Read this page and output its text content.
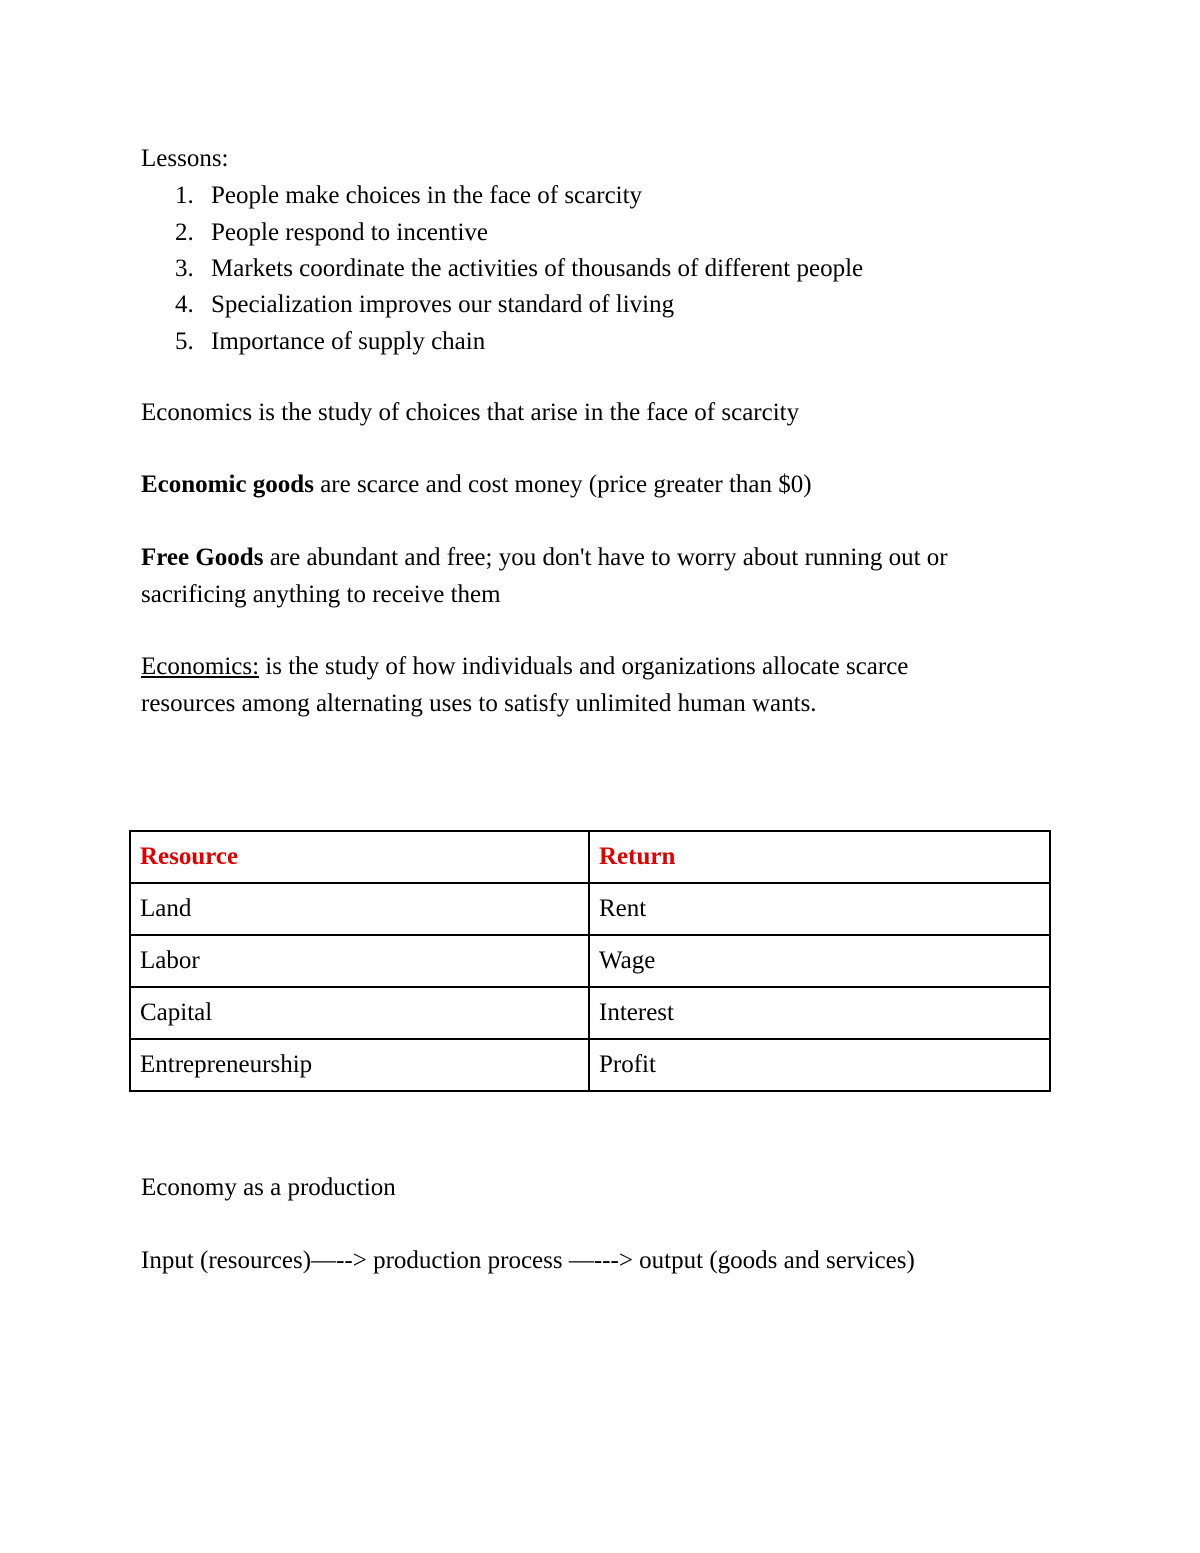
Lessons:
1. People make choices in the face of scarcity
2. People respond to incentive
3. Markets coordinate the activities of thousands of different people
4. Specialization improves our standard of living
5. Importance of supply chain
Economics is the study of choices that arise in the face of scarcity
Economic goods are scarce and cost money (price greater than $0)
Free Goods are abundant and free; you don't have to worry about running out or
sacrificing anything to receive them
Economics: is the study of how individuals and organizations allocate scarce
resources among alternating uses to satisfy unlimited human wants.
Resource	Return
Land	Rent
Labor	Wage
Capital	Interest
Entrepreneurship	Profit
Economy as a production
Input (resources)—--> production process —---> output (goods and services)
